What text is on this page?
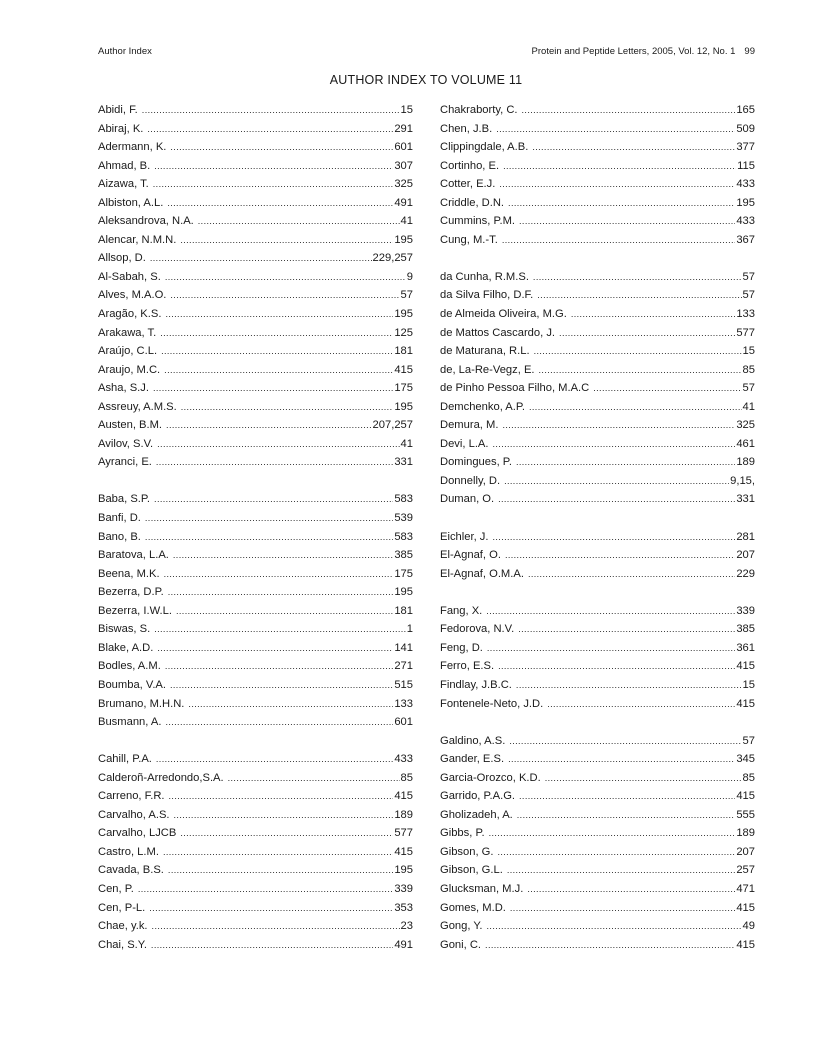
Author Index	Protein and Peptide Letters, 2005, Vol. 12, No. 1 99
AUTHOR INDEX TO VOLUME 11
Abidi, F. .....	15
Abiraj, K. .....	291
Adermann, K. .....	601
Ahmad, B. .....	307
Aizawa, T. .....	325
Albiston, A.L. .....	491
Aleksandrova, N.A. .....	41
Alencar, N.M.N. .....	195
Allsop, D. .....	229,257
Al-Sabah, S. .....	9
Alves, M.A.O. .....	57
Aragão, K.S. .....	195
Arakawa, T. .....	125
Araújo, C.L. .....	181
Araujo, M.C. .....	415
Asha, S.J. .....	175
Assreuy, A.M.S. .....	195
Austen, B.M. .....	207,257
Avilov, S.V. .....	41
Ayranci, E. .....	331
Baba, S.P. .....	583
Banfi, D. .....	539
Bano, B. .....	583
Baratova, L.A. .....	385
Beena, M.K. .....	175
Bezerra, D.P. .....	195
Bezerra, I.W.L. .....	181
Biswas, S. .....	1
Blake, A.D. .....	141
Bodles, A.M. .....	271
Boumba, V.A. .....	515
Brumano, M.H.N. .....	133
Busmann, A. .....	601
Cahill, P.A. .....	433
Calderoñ-Arredondo,S.A. .....	85
Carreno, F.R. .....	415
Carvalho, A.S. .....	189
Carvalho, LJCB .....	577
Castro, L.M. .....	415
Cavada, B.S. .....	195
Cen, P. .....	339
Cen, P-L. .....	353
Chae, y.k. .....	23
Chai, S.Y. .....	491
Chakraborty, C. .....	165
Chen, J.B. .....	509
Clippingdale, A.B. .....	377
Cortinho, E. .....	115
Cotter, E.J. .....	433
Criddle, D.N. .....	195
Cummins, P.M. .....	433
Cung, M.-T. .....	367
da Cunha, R.M.S. .....	57
da Silva Filho, D.F. .....	57
de Almeida Oliveira, M.G. .....	133
de Mattos Cascardo, J. .....	577
de Maturana, R.L. .....	15
de, La-Re-Vegz, E. .....	85
de Pinho Pessoa Filho, M.A.C .....	57
Demchenko, A.P. .....	41
Demura, M. .....	325
Devi, L.A. .....	461
Domingues, P. .....	189
Donnelly, D. .....	9,15,
Duman, O. .....	331
Eichler, J. .....	281
El-Agnaf, O. .....	207
El-Agnaf, O.M.A. .....	229
Fang, X. .....	339
Fedorova, N.V. .....	385
Feng, D. .....	361
Ferro, E.S. .....	415
Findlay, J.B.C. .....	15
Fontenele-Neto, J.D. .....	415
Galdino, A.S. .....	57
Gander, E.S. .....	345
Garcia-Orozco, K.D. .....	85
Garrido, P.A.G. .....	415
Gholizadeh, A. .....	555
Gibbs, P. .....	189
Gibson, G. .....	207
Gibson, G.L. .....	257
Glucksman, M.J. .....	471
Gomes, M.D. .....	415
Gong, Y. .....	49
Goni, C. .....	415
